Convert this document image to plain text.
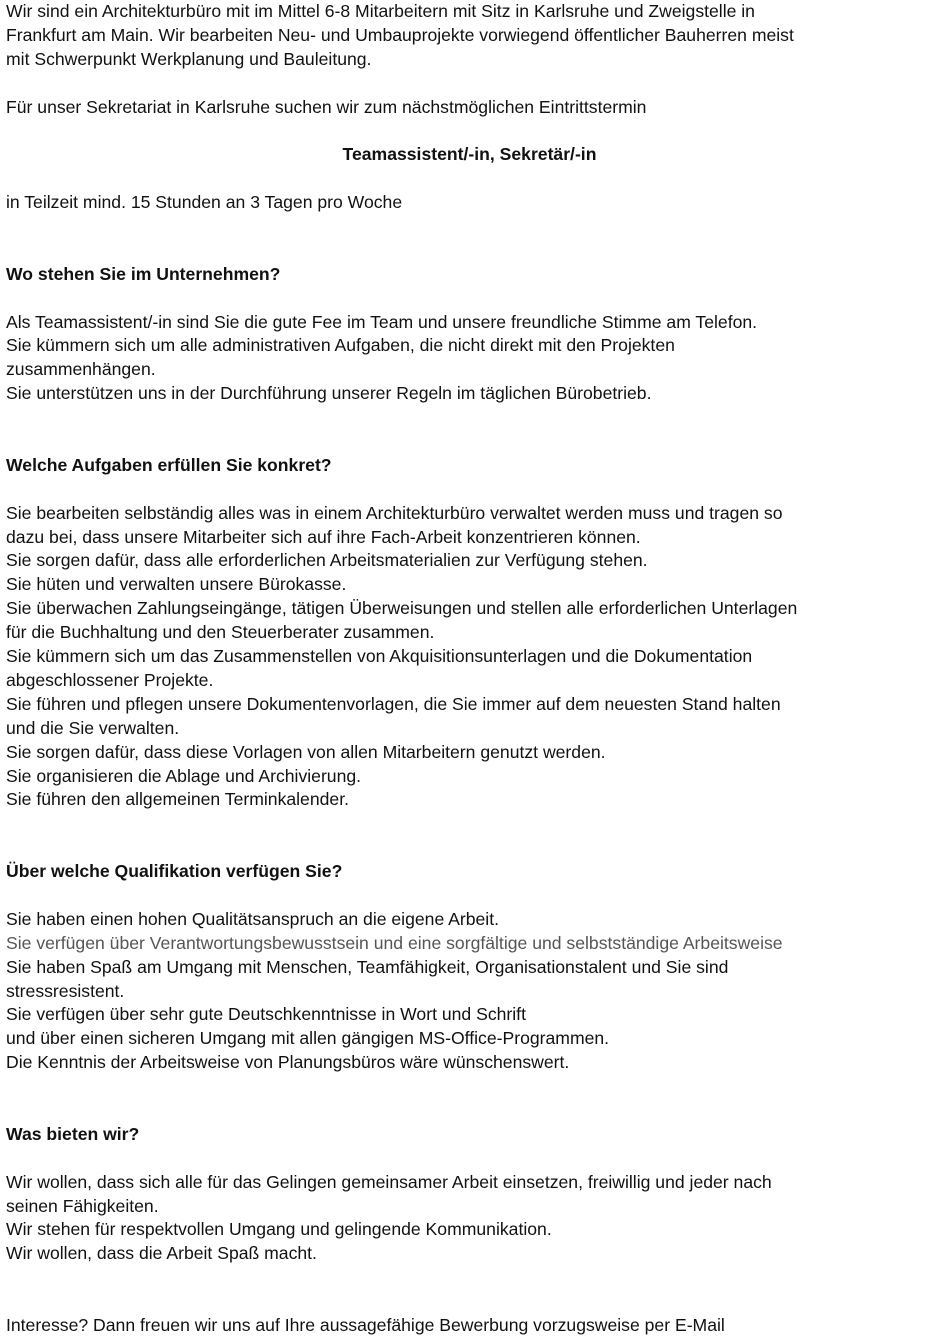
Wir sind ein Architekturbüro mit im Mittel 6-8 Mitarbeitern mit Sitz in Karlsruhe und Zweigstelle in
Frankfurt am Main. Wir bearbeiten Neu- und Umbauprojekte vorwiegend öffentlicher Bauherren meist
mit Schwerpunkt Werkplanung und Bauleitung.
Für unser Sekretariat in Karlsruhe suchen wir zum nächstmöglichen Eintrittstermin
Teamassistent/-in, Sekretär/-in
in Teilzeit mind. 15 Stunden an 3 Tagen pro Woche
Wo stehen Sie im Unternehmen?
Als Teamassistent/-in sind Sie die gute Fee im Team und unsere freundliche Stimme am Telefon.
Sie kümmern sich um alle administrativen Aufgaben, die nicht direkt mit den Projekten
zusammenhängen.
Sie unterstützen uns in der Durchführung unserer Regeln im täglichen Bürobetrieb.
Welche Aufgaben erfüllen Sie konkret?
Sie bearbeiten selbständig alles was in einem Architekturbüro verwaltet werden muss und tragen so
dazu bei, dass unsere Mitarbeiter sich auf ihre Fach-Arbeit konzentrieren können.
Sie sorgen dafür, dass alle erforderlichen Arbeitsmaterialien zur Verfügung stehen.
Sie hüten und verwalten unsere Bürokasse.
Sie überwachen Zahlungseingänge, tätigen Überweisungen und stellen alle erforderlichen Unterlagen
für die Buchhaltung und den Steuerberater zusammen.
Sie kümmern sich um das Zusammenstellen von Akquisitionsunterlagen und die Dokumentation
abgeschlossener Projekte.
Sie führen und pflegen unsere Dokumentenvorlagen, die Sie immer auf dem neuesten Stand halten
und die Sie verwalten.
Sie sorgen dafür, dass diese Vorlagen von allen Mitarbeitern genutzt werden.
Sie organisieren die Ablage und Archivierung.
Sie führen den allgemeinen Terminkalender.
Über welche Qualifikation verfügen Sie?
Sie haben einen hohen Qualitätsanspruch an die eigene Arbeit.
Sie verfügen über Verantwortungsbewusstsein und eine sorgfältige und selbstständige Arbeitsweise
Sie haben Spaß am Umgang mit Menschen, Teamfähigkeit, Organisationstalent und Sie sind
stressresistent.
Sie verfügen über sehr gute Deutschkenntnisse in Wort und Schrift
und über einen sicheren Umgang mit allen gängigen MS-Office-Programmen.
Die Kenntnis der Arbeitsweise von Planungsbüros wäre wünschenswert.
Was bieten wir?
Wir wollen, dass sich alle für das Gelingen gemeinsamer Arbeit einsetzen, freiwillig und jeder nach
seinen Fähigkeiten.
Wir stehen für respektvollen Umgang und gelingende Kommunikation.
Wir wollen, dass die Arbeit Spaß macht.
Interesse? Dann freuen wir uns auf Ihre aussagefähige Bewerbung vorzugsweise per E-Mail
